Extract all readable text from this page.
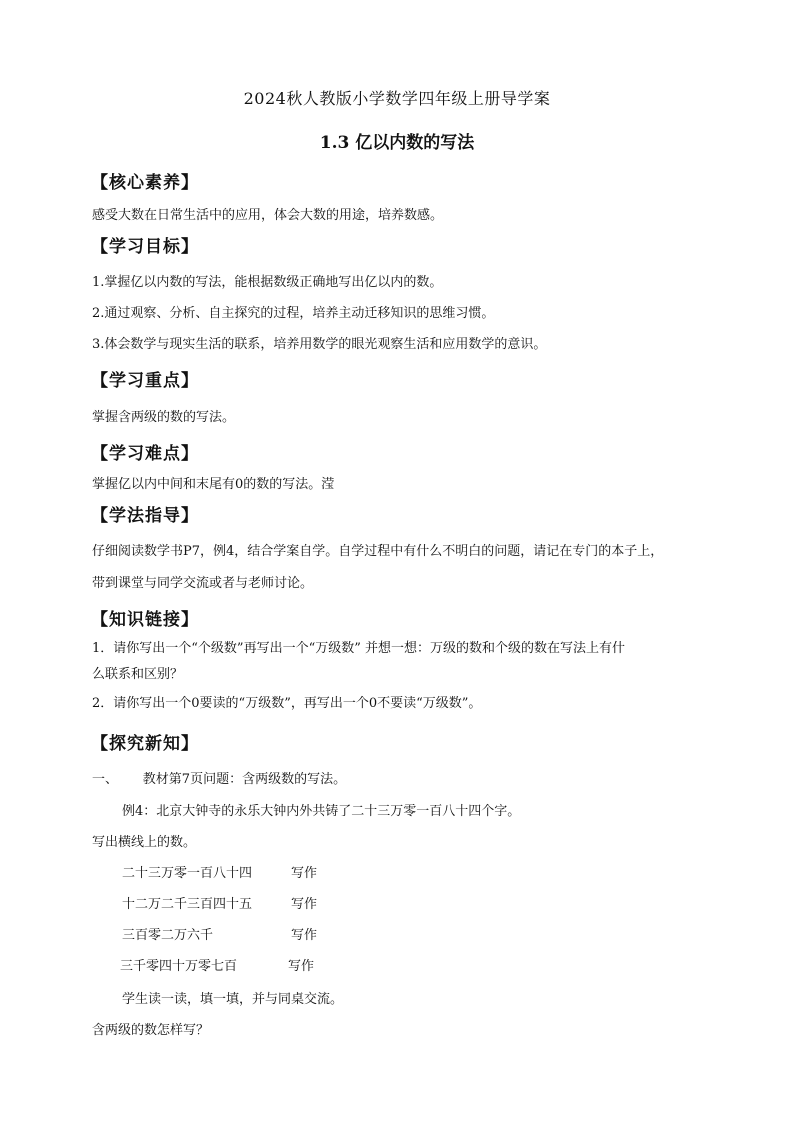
2024秋人教版小学数学四年级上册导学案
1.3 亿以内数的写法
【核心素养】
感受大数在日常生活中的应用，体会大数的用途，培养数感。
【学习目标】
1.掌握亿以内数的写法，能根据数级正确地写出亿以内的数。
2.通过观察、分析、自主探究的过程，培养主动迁移知识的思维习惯。
3.体会数学与现实生活的联系，培养用数学的眼光观察生活和应用数学的意识。
【学习重点】
掌握含两级的数的写法。
【学习难点】
掌握亿以内中间和末尾有0的数的写法。滢
【学法指导】
仔细阅读数学书P7，例4，结合学案自学。自学过程中有什么不明白的问题，请记在专门的本子上，
带到课堂与同学交流或者与老师讨论。
【知识链接】
1．请你写出一个“个级数”再写出一个“万级数” 并想一想：万级的数和个级的数在写法上有什
么联系和区别？
2．请你写出一个0要读的“万级数”，再写出一个0不要读“万级数”。
【探究新知】
一、      教材第7页问题：含两级数的写法。
例4：北京大钟寺的永乐大钟内外共铸了二十三万零一百八十四个字。
写出横线上的数。
二十三万零一百八十四	写作
十二万二千三百四十五	写作
三百零二万六千	写作
三千零四十万零七百	写作
学生读一读，填一填，并与同桌交流。
含两级的数怎样写？
